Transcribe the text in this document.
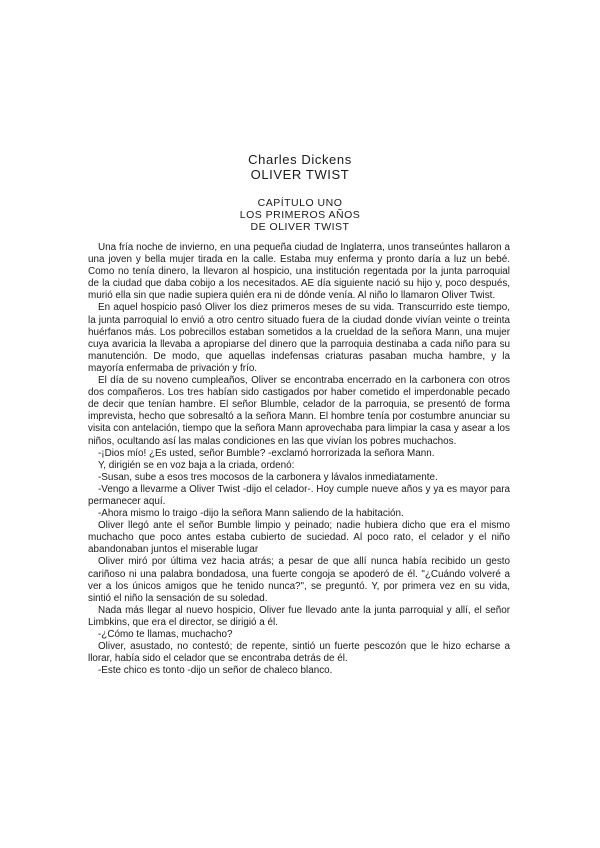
Charles Dickens
OLIVER TWIST
CAPÍTULO UNO
LOS PRIMEROS AÑOS
DE OLIVER TWIST

Una fría noche de invierno, en una pequeña ciudad de Inglaterra, unos transeúntes hallaron a una joven y bella mujer tirada en la calle. Estaba muy enferma y pronto daría a luz un bebé. Como no tenía dinero, la llevaron al hospicio, una institución regentada por la junta parroquial de la ciudad que daba cobijo a los necesitados. AE día siguiente nació su hijo y, poco después, murió ella sin que nadie supiera quién era ni de dónde venía. Al niño lo llamaron Oliver Twist.

En aquel hospicio pasó Oliver los diez primeros meses de su vida. Transcurrido este tiempo, la junta parroquial lo envió a otro centro situado fuera de la ciudad donde vivían veinte o treinta huérfanos más. Los pobrecillos estaban sometidos a la crueldad de la señora Mann, una mujer cuya avaricia la llevaba a apropiarse del dinero que la parroquia destinaba a cada niño para su manutención. De modo, que aquellas indefensas criaturas pasaban mucha hambre, y la mayoría enfermaba de privación y frío.

El día de su noveno cumpleaños, Oliver se encontraba encerrado en la carbonera con otros dos compañeros. Los tres habían sido castigados por haber cometido el imperdonable pecado de decir que tenían hambre. El señor Blumble, celador de la parroquia, se presentó de forma imprevista, hecho que sobresaltó a la señora Mann. El hombre tenía por costumbre anunciar su visita con antelación, tiempo que la señora Mann aprovechaba para limpiar la casa y asear a los niños, ocultando así las malas condiciones en las que vivían los pobres muchachos.

-¡Dios mío! ¿Es usted, señor Bumble? -exclamó horrorizada la señora Mann.

Y, dirigién se en voz baja a la criada, ordenó:

-Susan, sube a esos tres mocosos de la carbonera y lávalos inmediatamente.

-Vengo a llevarme a Oliver Twist -dijo el celador-. Hoy cumple nueve años y ya es mayor para permanecer aquí.

-Ahora mismo lo traigo -dijo la señora Mann saliendo de la habitación.

Oliver llegó ante el señor Bumble limpio y peinado; nadie hubiera dicho que era el mismo muchacho que poco antes estaba cubierto de suciedad. Al poco rato, el celador y el niño abandonaban juntos el miserable lugar

Oliver miró por última vez hacia atrás; a pesar de que allí nunca había recibido un gesto cariñoso ni una palabra bondadosa, una fuerte congoja se apoderó de él. "¿Cuándo volveré a ver a los únicos amigos que he tenido nunca?", se preguntó. Y, por primera vez en su vida, sintió el niño la sensación de su soledad.

Nada más llegar al nuevo hospicio, Oliver fue llevado ante la junta parroquial y allí, el señor Limbkins, que era el director, se dirigió a él.

-¿Cómo te llamas, muchacho?

Oliver, asustado, no contestó; de repente, sintió un fuerte pescozón que le hizo echarse a llorar, había sido el celador que se encontraba detrás de él.

-Este chico es tonto -dijo un señor de chaleco blanco.
